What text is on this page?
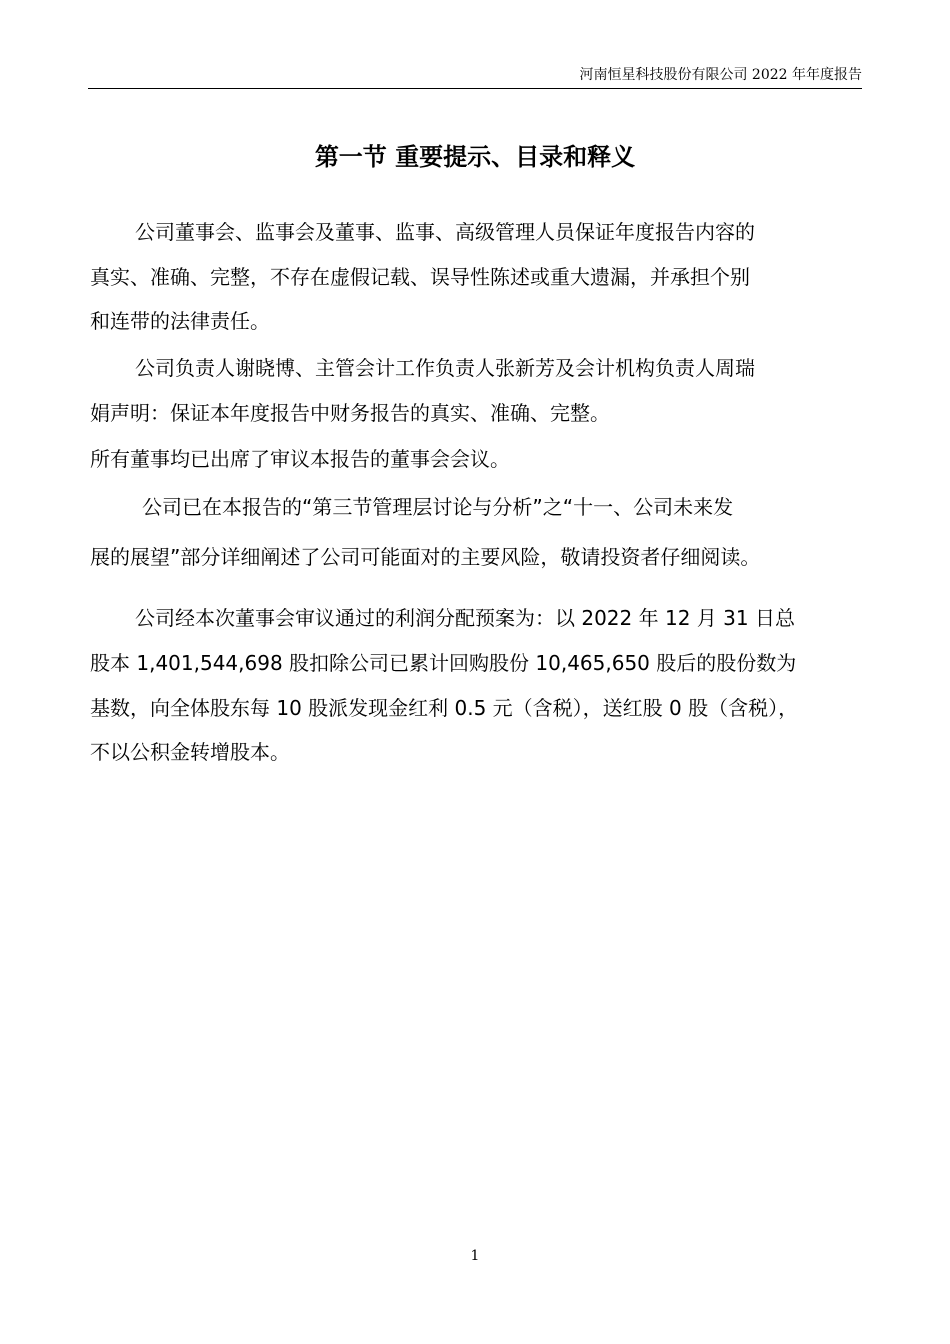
河南恒星科技股份有限公司 2022 年年度报告
第一节 重要提示、目录和释义
公司董事会、监事会及董事、监事、高级管理人员保证年度报告内容的
真实、准确、完整，不存在虚假记载、误导性陈述或重大遗漏，并承担个别
和连带的法律责任。
公司负责人谢晓博、主管会计工作负责人张新芳及会计机构负责人周瑞
娟声明：保证本年度报告中财务报告的真实、准确、完整。
所有董事均已出席了审议本报告的董事会会议。
公司已在本报告的“第三节管理层讨论与分析”之“十一、公司未来发
展的展望”部分详细阐述了公司可能面对的主要风险，敬请投资者仔细阅读。
公司经本次董事会审议通过的利润分配预案为：以 2022 年 12 月 31 日总
股本 1,401,544,698 股扣除公司已累计回购股份 10,465,650 股后的股份数为
基数，向全体股东每 10 股派发现金红利 0.5 元（含税），送红股 0 股（含税），
不以公积金转增股本。
1
